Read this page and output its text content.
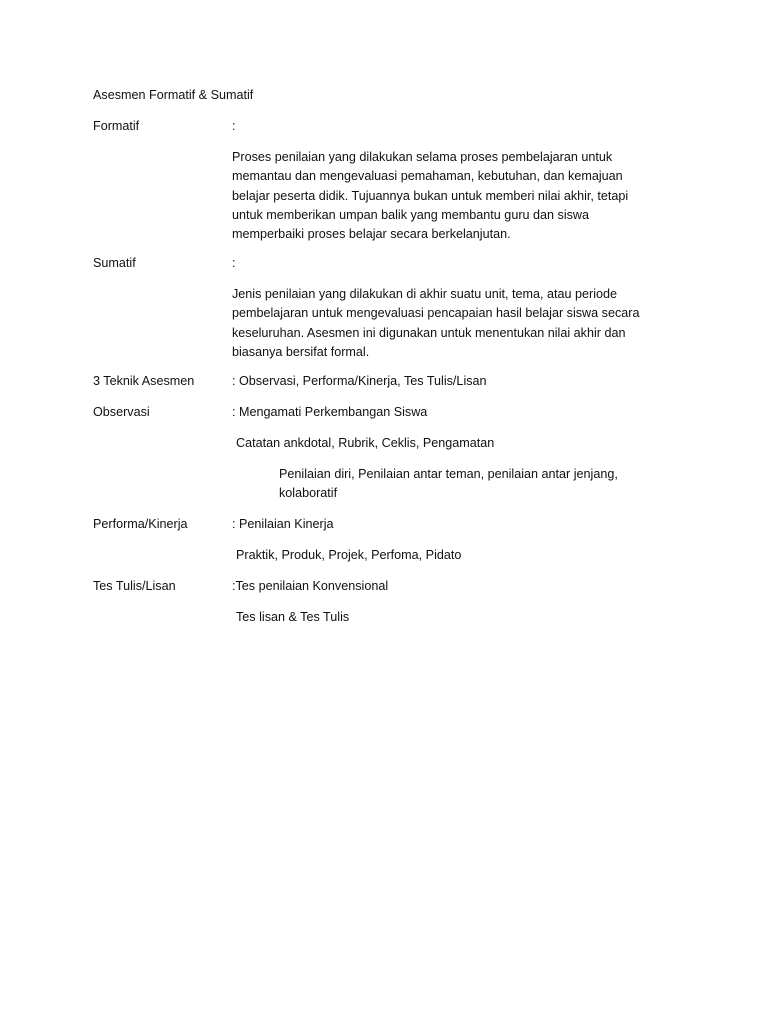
Asesmen Formatif & Sumatif
Formatif	:
Proses penilaian yang dilakukan selama proses pembelajaran untuk memantau dan mengevaluasi pemahaman, kebutuhan, dan kemajuan belajar peserta didik. Tujuannya bukan untuk memberi nilai akhir, tetapi untuk memberikan umpan balik yang membantu guru dan siswa memperbaiki proses belajar secara berkelanjutan.
Sumatif	:
Jenis penilaian yang dilakukan di akhir suatu unit, tema, atau periode pembelajaran untuk mengevaluasi pencapaian hasil belajar siswa secara keseluruhan. Asesmen ini digunakan untuk menentukan nilai akhir dan biasanya bersifat formal.
3 Teknik Asesmen	: Observasi, Performa/Kinerja, Tes Tulis/Lisan
Observasi	: Mengamati Perkembangan Siswa
Catatan ankdotal, Rubrik, Ceklis, Pengamatan
Penilaian diri, Penilaian antar teman, penilaian antar jenjang, kolaboratif
Performa/Kinerja	: Penilaian Kinerja
Praktik, Produk, Projek, Perfoma, Pidato
Tes Tulis/Lisan	:Tes penilaian Konvensional
Tes lisan & Tes Tulis
